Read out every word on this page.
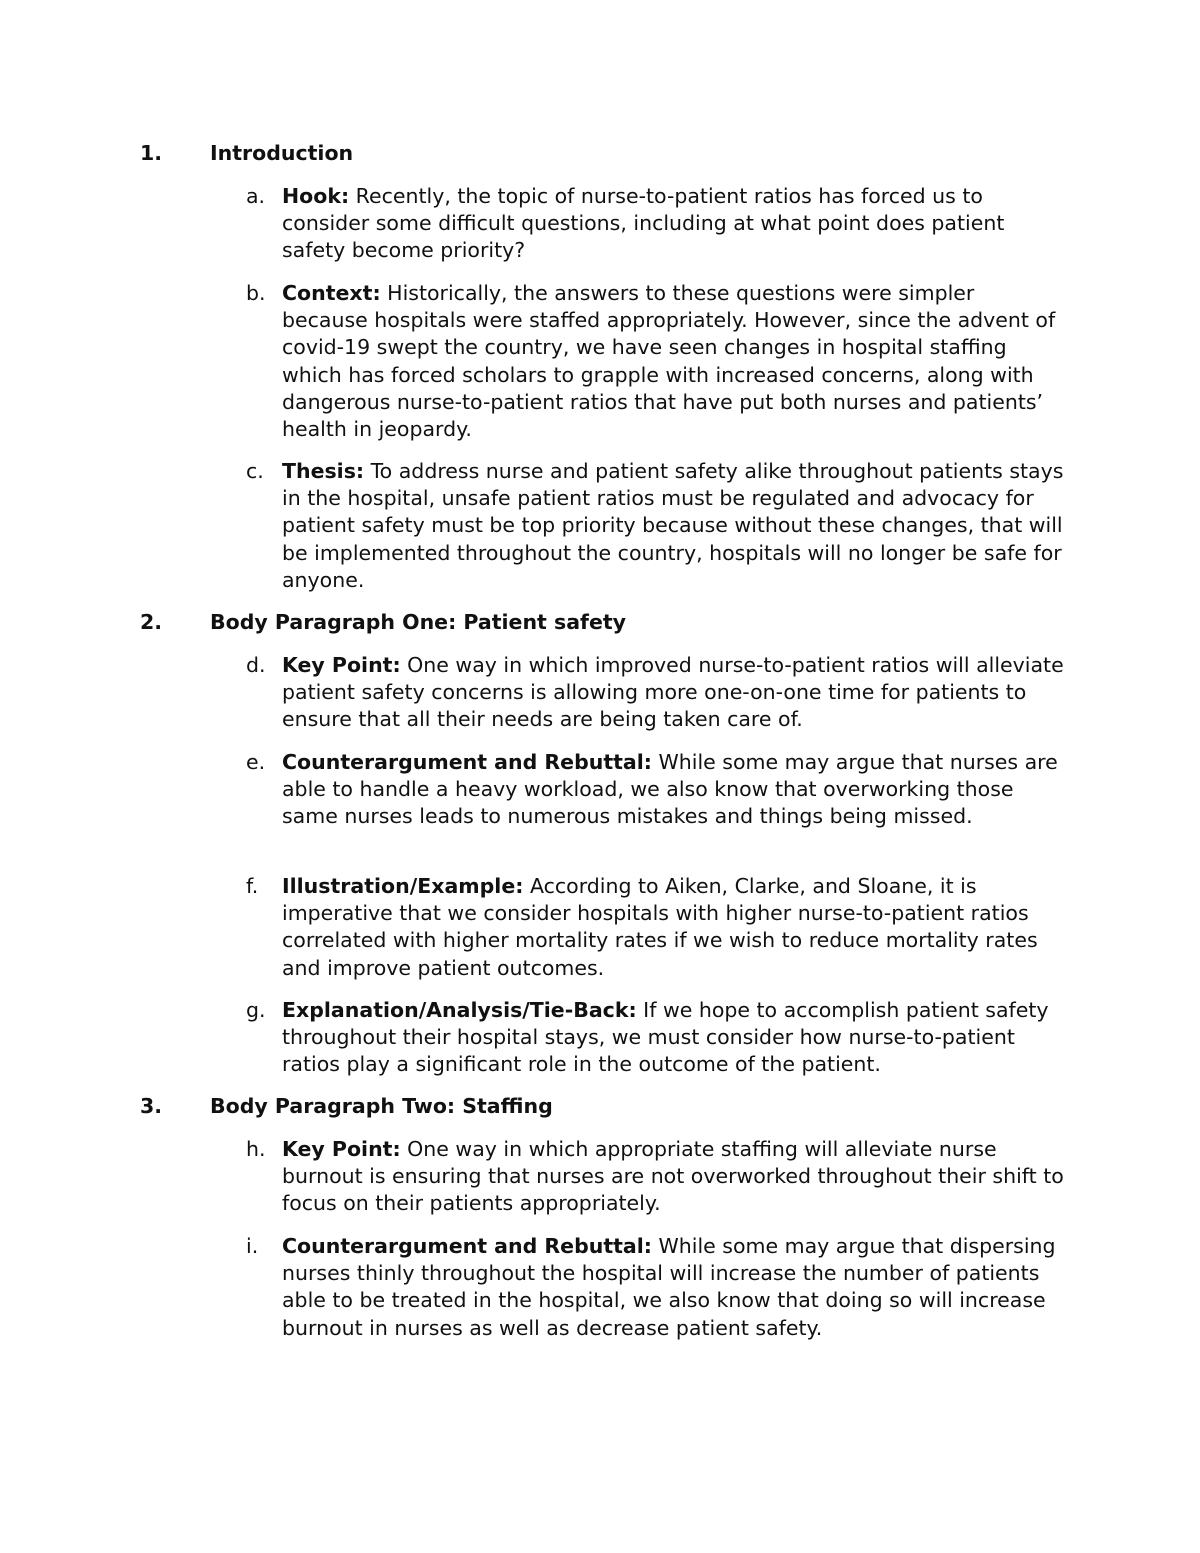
1. Introduction
a. Hook: Recently, the topic of nurse-to-patient ratios has forced us to consider some difficult questions, including at what point does patient safety become priority?
b. Context: Historically, the answers to these questions were simpler because hospitals were staffed appropriately. However, since the advent of covid-19 swept the country, we have seen changes in hospital staffing which has forced scholars to grapple with increased concerns, along with dangerous nurse-to-patient ratios that have put both nurses and patients’ health in jeopardy.
c. Thesis: To address nurse and patient safety alike throughout patients stays in the hospital, unsafe patient ratios must be regulated and advocacy for patient safety must be top priority because without these changes, that will be implemented throughout the country, hospitals will no longer be safe for anyone.
2. Body Paragraph One: Patient safety
d. Key Point: One way in which improved nurse-to-patient ratios will alleviate patient safety concerns is allowing more one-on-one time for patients to ensure that all their needs are being taken care of.
e. Counterargument and Rebuttal: While some may argue that nurses are able to handle a heavy workload, we also know that overworking those same nurses leads to numerous mistakes and things being missed.
f.	Illustration/Example: According to Aiken, Clarke, and Sloane, it is imperative that we consider hospitals with higher nurse-to-patient ratios correlated with higher mortality rates if we wish to reduce mortality rates and improve patient outcomes.
g. Explanation/Analysis/Tie-Back: If we hope to accomplish patient safety throughout their hospital stays, we must consider how nurse-to-patient ratios play a significant role in the outcome of the patient.
3. Body Paragraph Two: Staffing
h. Key Point: One way in which appropriate staffing will alleviate nurse burnout is ensuring that nurses are not overworked throughout their shift to focus on their patients appropriately.
i.	Counterargument and Rebuttal: While some may argue that dispersing nurses thinly throughout the hospital will increase the number of patients able to be treated in the hospital, we also know that doing so will increase burnout in nurses as well as decrease patient safety.
